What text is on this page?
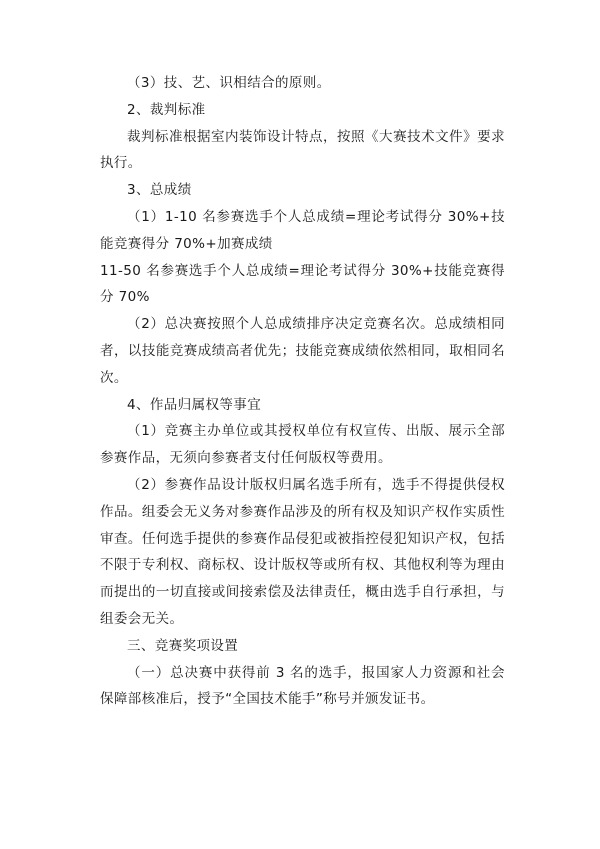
（3）技、艺、识相结合的原则。

2、裁判标准

裁判标准根据室内装饰设计特点，按照《大赛技术文件》要求执行。

3、总成绩

（1）1-10 名参赛选手个人总成绩=理论考试得分 30%+技能竞赛得分 70%+加赛成绩

11-50 名参赛选手个人总成绩=理论考试得分 30%+技能竞赛得分 70%

（2）总决赛按照个人总成绩排序决定竞赛名次。总成绩相同者，以技能竞赛成绩高者优先；技能竞赛成绩依然相同，取相同名次。

4、作品归属权等事宜

（1）竞赛主办单位或其授权单位有权宣传、出版、展示全部参赛作品，无须向参赛者支付任何版权等费用。

（2）参赛作品设计版权归属名选手所有，选手不得提供侵权作品。组委会无义务对参赛作品涉及的所有权及知识产权作实质性审查。任何选手提供的参赛作品侵犯或被指控侵犯知识产权，包括不限于专利权、商标权、设计版权等或所有权、其他权利等为理由而提出的一切直接或间接索偿及法律责任，概由选手自行承担，与组委会无关。

三、竞赛奖项设置

（一）总决赛中获得前 3 名的选手，报国家人力资源和社会保障部核准后，授予“全国技术能手”称号并颁发证书。
